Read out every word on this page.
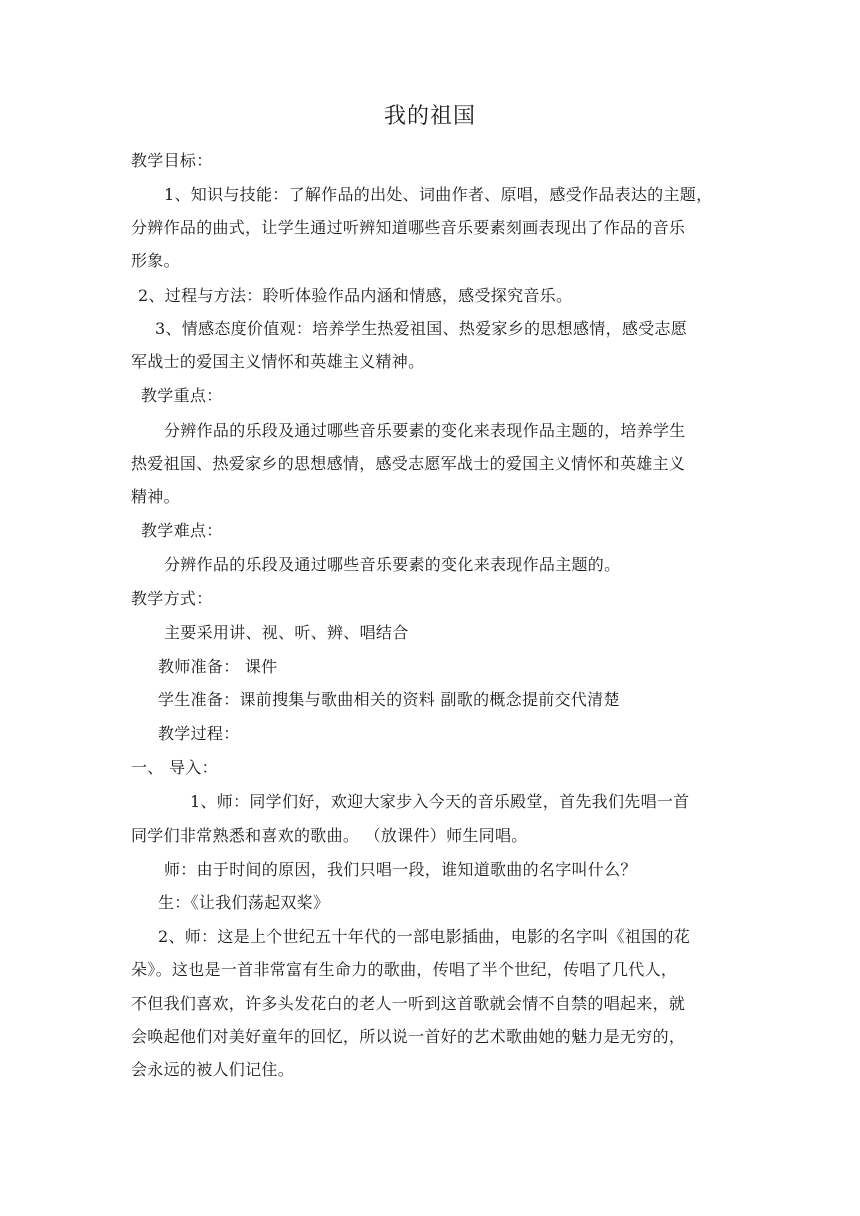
我的祖国
教学目标：
1、知识与技能：了解作品的出处、词曲作者、原唱，感受作品表达的主题，
分辨作品的曲式，让学生通过听辨知道哪些音乐要素刻画表现出了作品的音乐
形象。
2、过程与方法：聆听体验作品内涵和情感，感受探究音乐。
3、情感态度价值观：培养学生热爱祖国、热爱家乡的思想感情，感受志愿
军战士的爱国主义情怀和英雄主义精神。
教学重点：
分辨作品的乐段及通过哪些音乐要素的变化来表现作品主题的，培养学生
热爱祖国、热爱家乡的思想感情，感受志愿军战士的爱国主义情怀和英雄主义
精神。
教学难点：
分辨作品的乐段及通过哪些音乐要素的变化来表现作品主题的。
教学方式：
主要采用讲、视、听、辨、唱结合
教师准备： 课件
学生准备：课前搜集与歌曲相关的资料 副歌的概念提前交代清楚
教学过程：
一、 导入：
1、师：同学们好，欢迎大家步入今天的音乐殿堂，首先我们先唱一首
同学们非常熟悉和喜欢的歌曲。 （放课件）师生同唱。
师：由于时间的原因，我们只唱一段，谁知道歌曲的名字叫什么？
生：《让我们荡起双桨》
2、师：这是上个世纪五十年代的一部电影插曲，电影的名字叫《祖国的花
朵》。这也是一首非常富有生命力的歌曲，传唱了半个世纪，传唱了几代人，
不但我们喜欢，许多头发花白的老人一听到这首歌就会情不自禁的唱起来，就
会唤起他们对美好童年的回忆，所以说一首好的艺术歌曲她的魅力是无穷的，
会永远的被人们记住。
